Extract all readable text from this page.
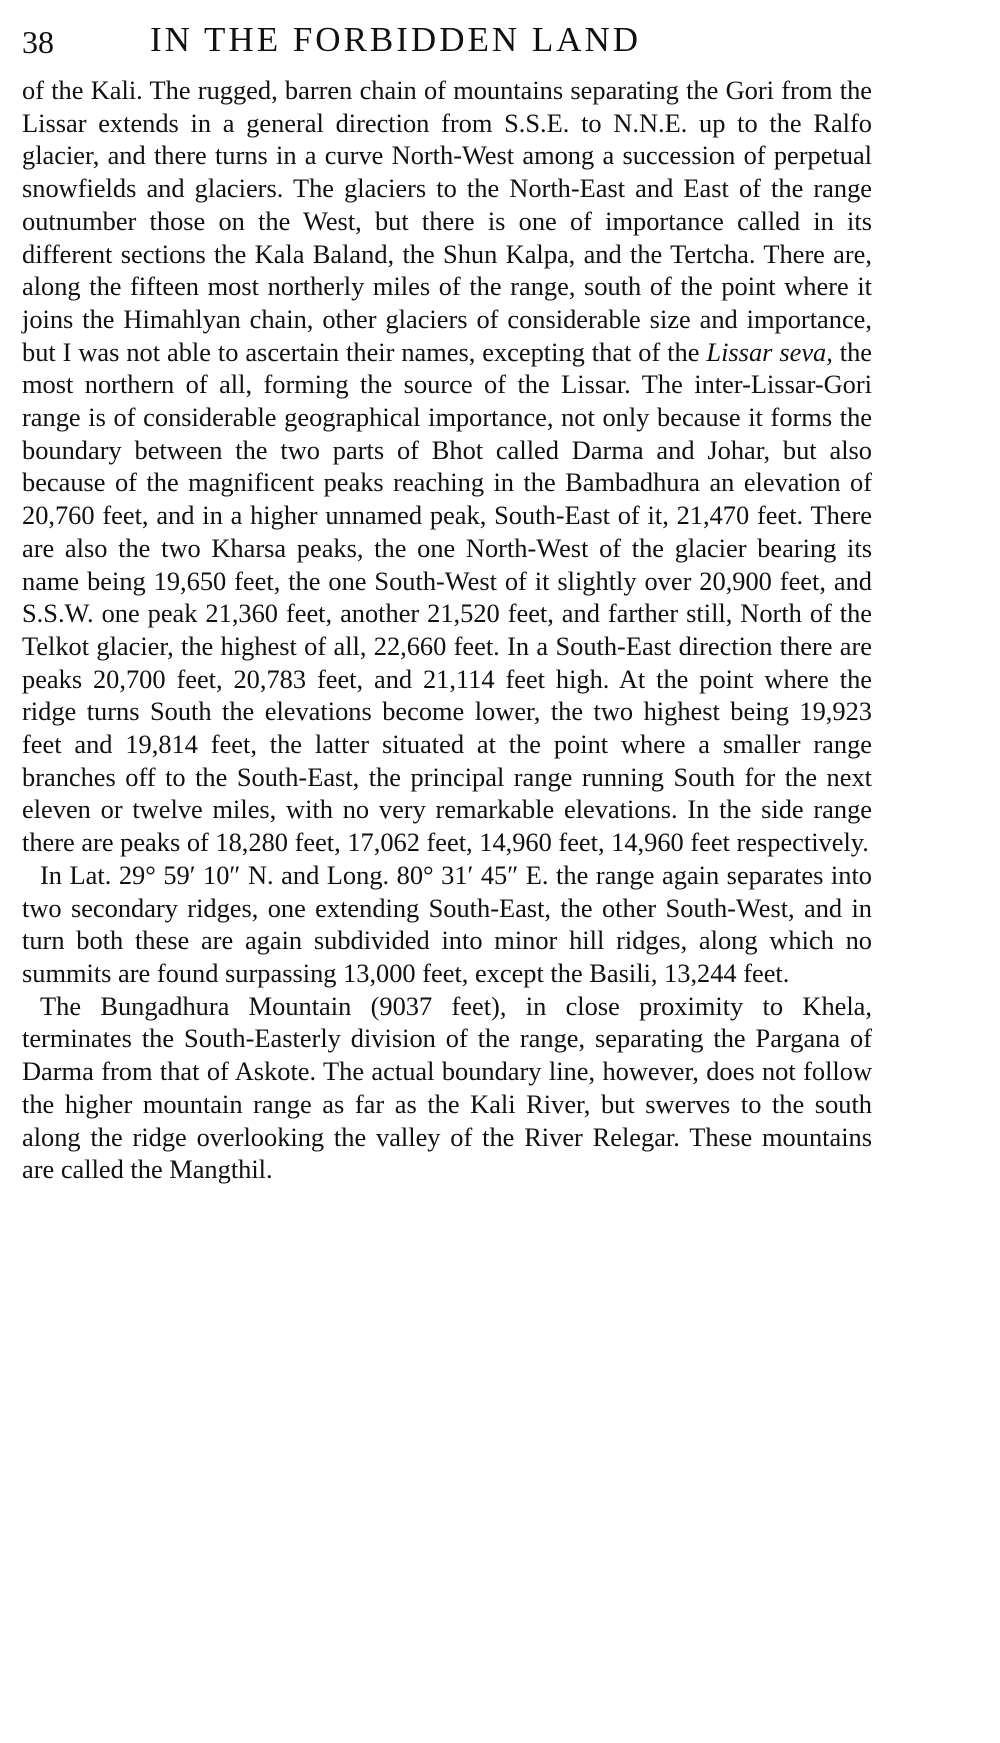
38	IN THE FORBIDDEN LAND

of the Kali. The rugged, barren chain of mountains separating the Gori from the Lissar extends in a general direction from S.S.E. to N.N.E. up to the Ralfo glacier, and there turns in a curve North-West among a succession of perpetual snowfields and glaciers. The glaciers to the North-East and East of the range outnumber those on the West, but there is one of importance called in its different sections the Kala Baland, the Shun Kalpa, and the Tertcha. There are, along the fifteen most northerly miles of the range, south of the point where it joins the Himahlyan chain, other glaciers of considerable size and importance, but I was not able to ascertain their names, excepting that of the Lissar seva, the most northern of all, forming the source of the Lissar. The inter-Lissar-Gori range is of considerable geographical importance, not only because it forms the boundary between the two parts of Bhot called Darma and Johar, but also because of the magnificent peaks reaching in the Bambadhura an elevation of 20,760 feet, and in a higher unnamed peak, South-East of it, 21,470 feet. There are also the two Kharsa peaks, the one North-West of the glacier bearing its name being 19,650 feet, the one South-West of it slightly over 20,900 feet, and S.S.W. one peak 21,360 feet, another 21,520 feet, and farther still, North of the Telkot glacier, the highest of all, 22,660 feet. In a South-East direction there are peaks 20,700 feet, 20,783 feet, and 21,114 feet high. At the point where the ridge turns South the elevations become lower, the two highest being 19,923 feet and 19,814 feet, the latter situated at the point where a smaller range branches off to the South-East, the principal range running South for the next eleven or twelve miles, with no very remarkable elevations. In the side range there are peaks of 18,280 feet, 17,062 feet, 14,960 feet, 14,960 feet respectively.

In Lat. 29° 59′ 10″ N. and Long. 80° 31′ 45″ E. the range again separates into two secondary ridges, one extending South-East, the other South-West, and in turn both these are again subdivided into minor hill ridges, along which no summits are found surpassing 13,000 feet, except the Basili, 13,244 feet.

The Bungadhura Mountain (9037 feet), in close proximity to Khela, terminates the South-Easterly division of the range, separating the Pargana of Darma from that of Askote. The actual boundary line, however, does not follow the higher mountain range as far as the Kali River, but swerves to the south along the ridge overlooking the valley of the River Relegar. These mountains are called the Mangthil.
